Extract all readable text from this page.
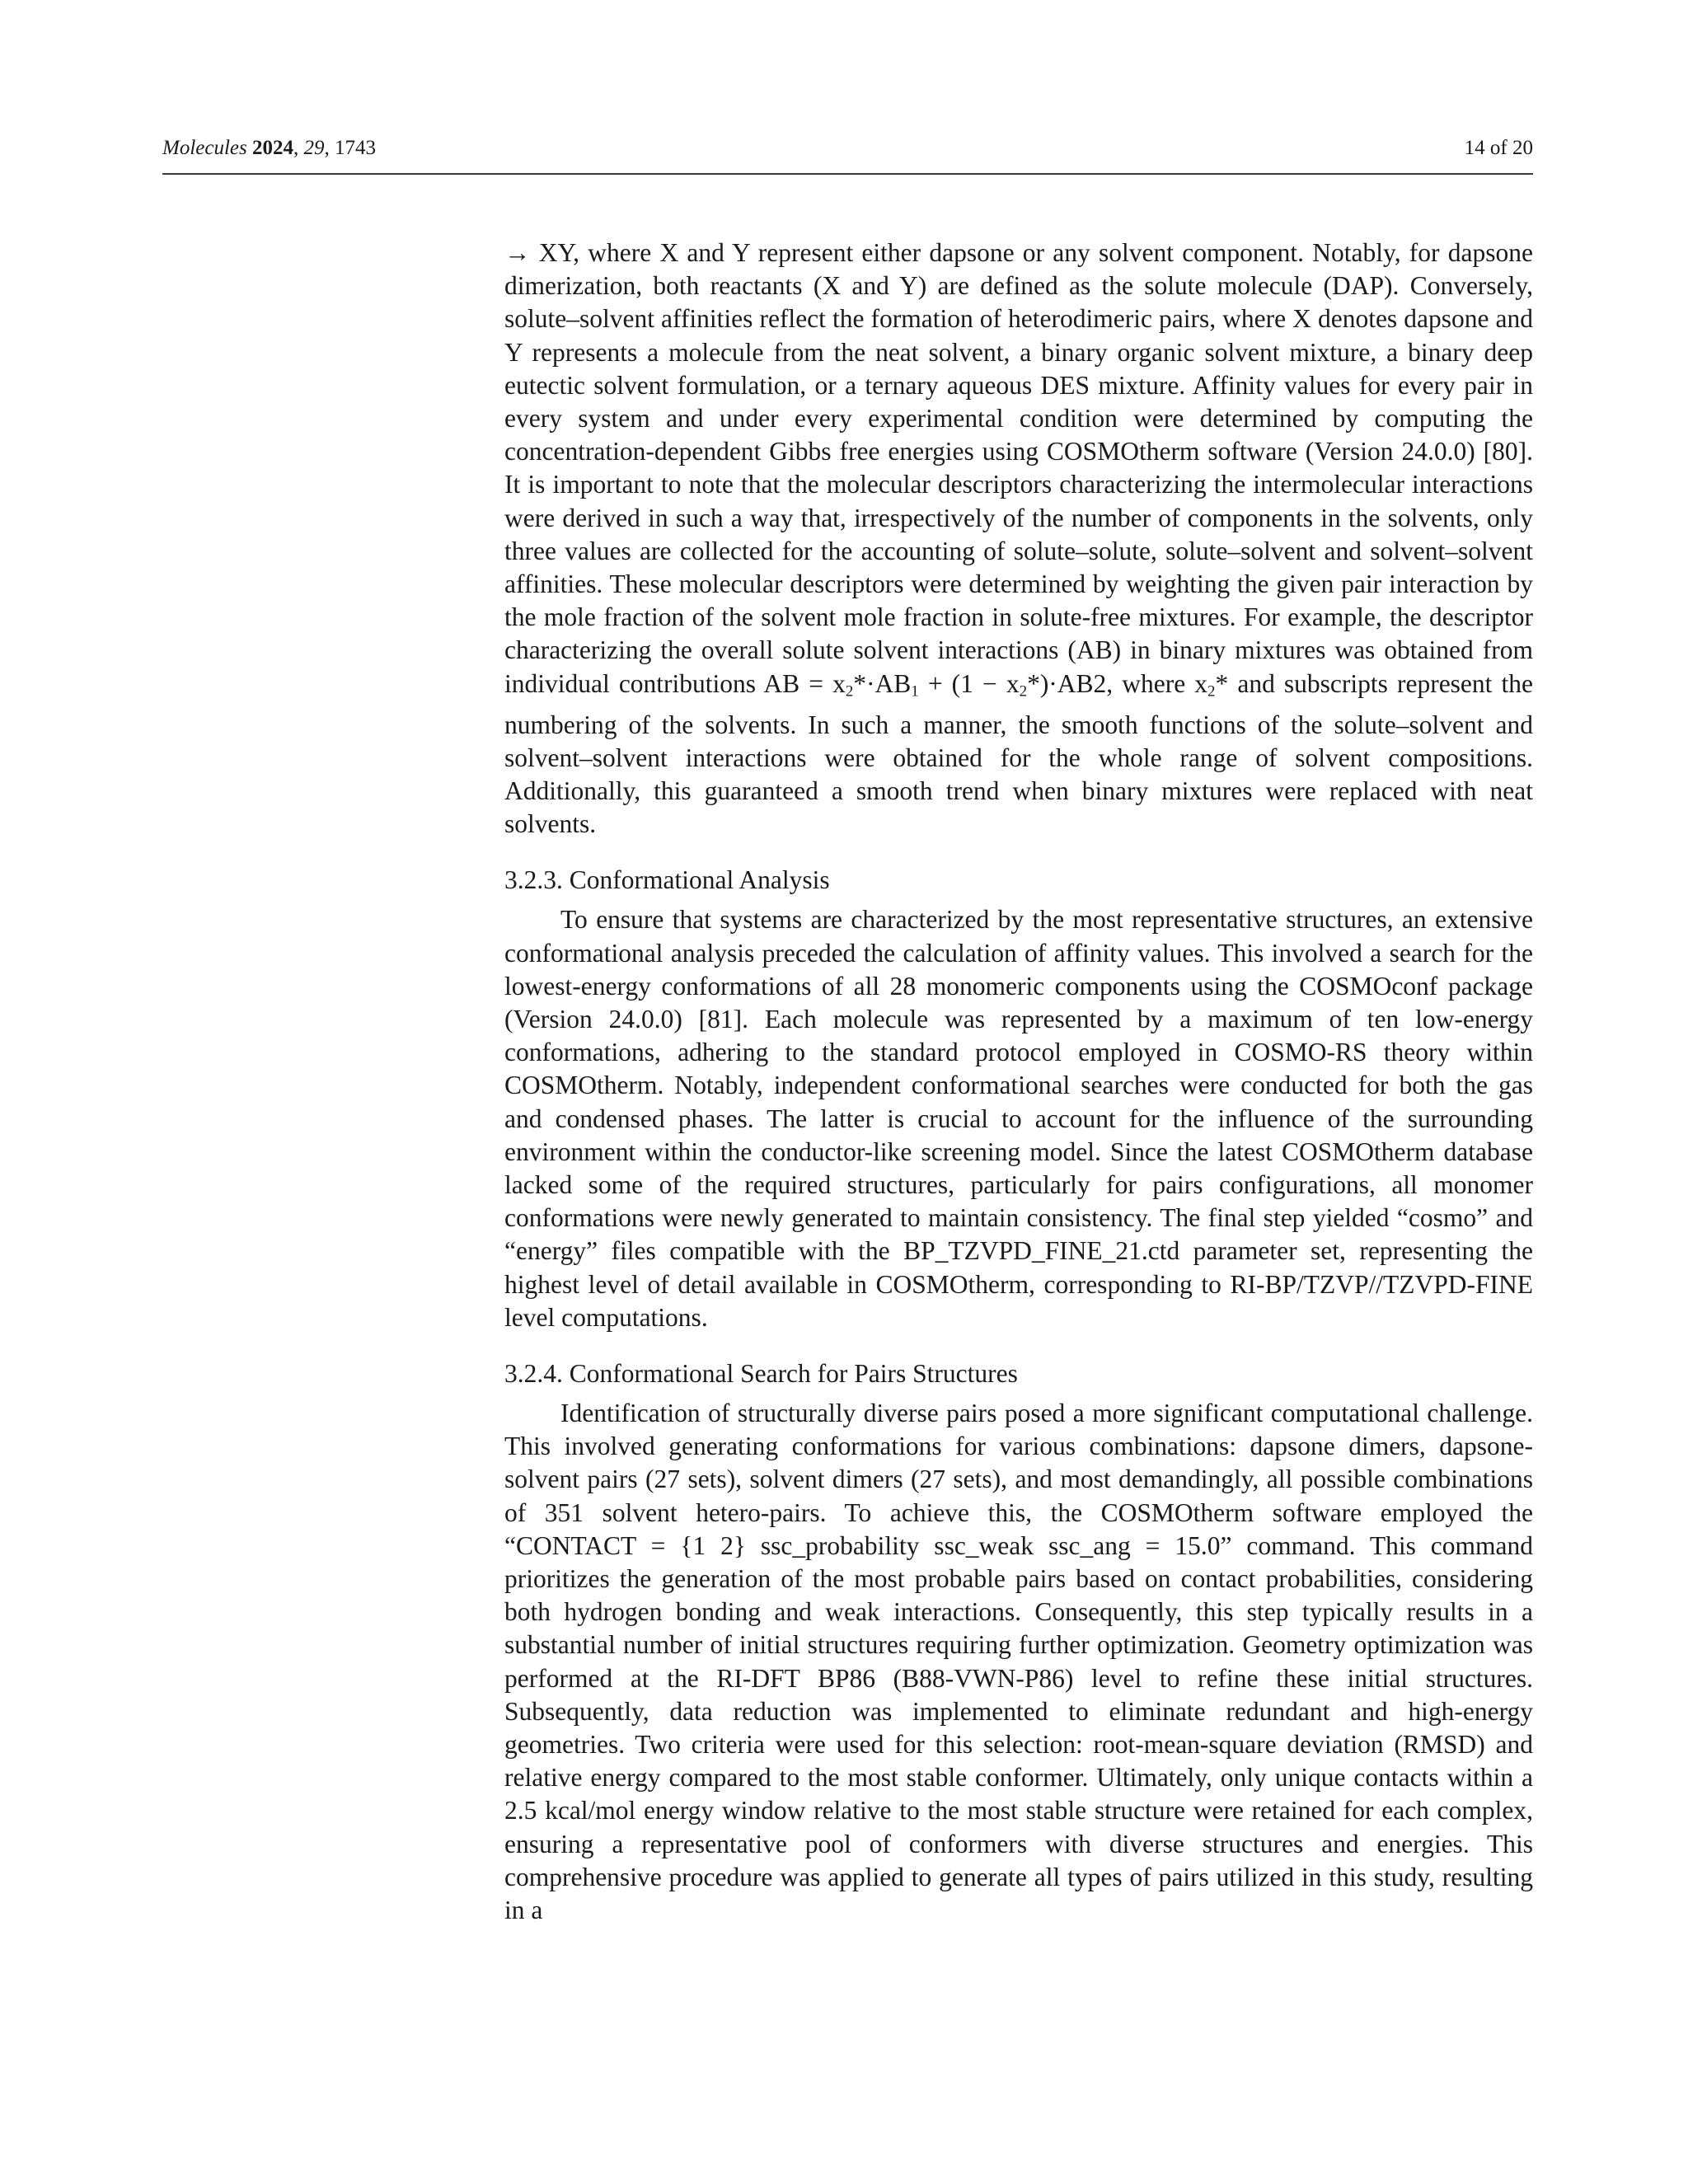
Molecules 2024, 29, 1743	14 of 20

→ XY, where X and Y represent either dapsone or any solvent component. Notably, for dapsone dimerization, both reactants (X and Y) are defined as the solute molecule (DAP). Conversely, solute–solvent affinities reflect the formation of heterodimeric pairs, where X denotes dapsone and Y represents a molecule from the neat solvent, a binary organic solvent mixture, a binary deep eutectic solvent formulation, or a ternary aqueous DES mixture. Affinity values for every pair in every system and under every experimental condition were determined by computing the concentration-dependent Gibbs free energies using COSMOtherm software (Version 24.0.0) [80]. It is important to note that the molecular descriptors characterizing the intermolecular interactions were derived in such a way that, irrespectively of the number of components in the solvents, only three values are collected for the accounting of solute–solute, solute–solvent and solvent–solvent affinities. These molecular descriptors were determined by weighting the given pair interaction by the mole fraction of the solvent mole fraction in solute-free mixtures. For example, the descriptor characterizing the overall solute solvent interactions (AB) in binary mixtures was obtained from individual contributions AB = $x_2*\cdot AB_1 + (1 - x_2*)\cdot AB2$, where $x_2*$ and subscripts represent the numbering of the solvents. In such a manner, the smooth functions of the solute–solvent and solvent–solvent interactions were obtained for the whole range of solvent compositions. Additionally, this guaranteed a smooth trend when binary mixtures were replaced with neat solvents.

3.2.3. Conformational Analysis

To ensure that systems are characterized by the most representative structures, an extensive conformational analysis preceded the calculation of affinity values. This involved a search for the lowest-energy conformations of all 28 monomeric components using the COSMOconf package (Version 24.0.0) [81]. Each molecule was represented by a maximum of ten low-energy conformations, adhering to the standard protocol employed in COSMO-RS theory within COSMOtherm. Notably, independent conformational searches were conducted for both the gas and condensed phases. The latter is crucial to account for the influence of the surrounding environment within the conductor-like screening model. Since the latest COSMOtherm database lacked some of the required structures, particularly for pairs configurations, all monomer conformations were newly generated to maintain consistency. The final step yielded “cosmo” and “energy” files compatible with the BP_TZVPD_FINE_21.ctd parameter set, representing the highest level of detail available in COSMOtherm, corresponding to RI-BP/TZVP//TZVPD-FINE level computations.

3.2.4. Conformational Search for Pairs Structures

Identification of structurally diverse pairs posed a more significant computational challenge. This involved generating conformations for various combinations: dapsone dimers, dapsone-solvent pairs (27 sets), solvent dimers (27 sets), and most demandingly, all possible combinations of 351 solvent hetero-pairs. To achieve this, the COSMOtherm software employed the “CONTACT = {1 2} ssc_probability ssc_weak ssc_ang = 15.0” command. This command prioritizes the generation of the most probable pairs based on contact probabilities, considering both hydrogen bonding and weak interactions. Consequently, this step typically results in a substantial number of initial structures requiring further optimization. Geometry optimization was performed at the RI-DFT BP86 (B88-VWN-P86) level to refine these initial structures. Subsequently, data reduction was implemented to eliminate redundant and high-energy geometries. Two criteria were used for this selection: root-mean-square deviation (RMSD) and relative energy compared to the most stable conformer. Ultimately, only unique contacts within a 2.5 kcal/mol energy window relative to the most stable structure were retained for each complex, ensuring a representative pool of conformers with diverse structures and energies. This comprehensive procedure was applied to generate all types of pairs utilized in this study, resulting in a
